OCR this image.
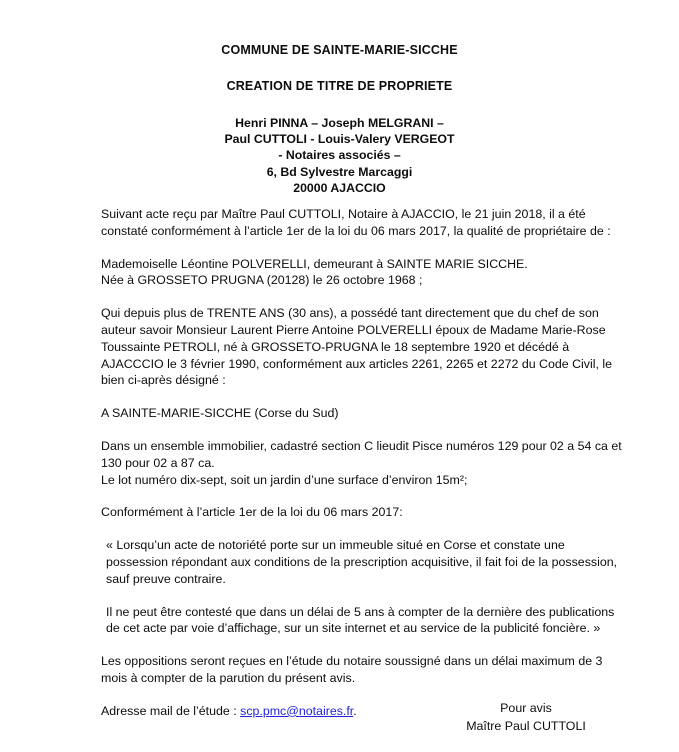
COMMUNE DE SAINTE-MARIE-SICCHE
CREATION DE TITRE DE PROPRIETE
Henri PINNA – Joseph MELGRANI –
Paul CUTTOLI - Louis-Valery VERGEOT
- Notaires associés –
6, Bd Sylvestre Marcaggi
20000 AJACCIO

Suivant acte reçu par Maître Paul CUTTOLI, Notaire à AJACCIO, le 21 juin 2018, il a été constaté conformément à l’article 1er de la loi du 06 mars 2017, la qualité de propriétaire de :

Mademoiselle Léontine POLVERELLI, demeurant à SAINTE MARIE SICCHE.
Née à GROSSETO PRUGNA (20128) le 26 octobre 1968 ;

Qui depuis plus de TRENTE ANS (30 ans), a possédé tant directement que du chef de son auteur savoir Monsieur Laurent Pierre Antoine POLVERELLI époux de Madame Marie-Rose Toussainte PETROLI, né à GROSSETO-PRUGNA le 18 septembre 1920 et décédé à AJACCCIO le 3 février 1990, conformément aux articles 2261, 2265 et 2272 du Code Civil, le bien ci-après désigné :

A SAINTE-MARIE-SICCHE (Corse du Sud)

Dans un ensemble immobilier, cadastré section C lieudit Pisce numéros 129 pour 02 a 54 ca et 130 pour 02 a 87 ca.
Le lot numéro dix-sept, soit un jardin d’une surface d’environ 15m²;

Conformément à l’article 1er de la loi du 06 mars 2017:

« Lorsqu’un acte de notoriété porte sur un immeuble situé en Corse et constate une possession répondant aux conditions de la prescription acquisitive, il fait foi de la possession, sauf preuve contraire.

Il ne peut être contesté que dans un délai de 5 ans à compter de la dernière des publications de cet acte par voie d’affichage, sur un site internet et au service de la publicité foncière. »

Les oppositions seront reçues en l’étude du notaire soussigné dans un délai maximum de 3 mois à compter de la parution du présent avis.

Adresse mail de l’étude : scp.pmc@notaires.fr.	Pour avis
Maître Paul CUTTOLI
